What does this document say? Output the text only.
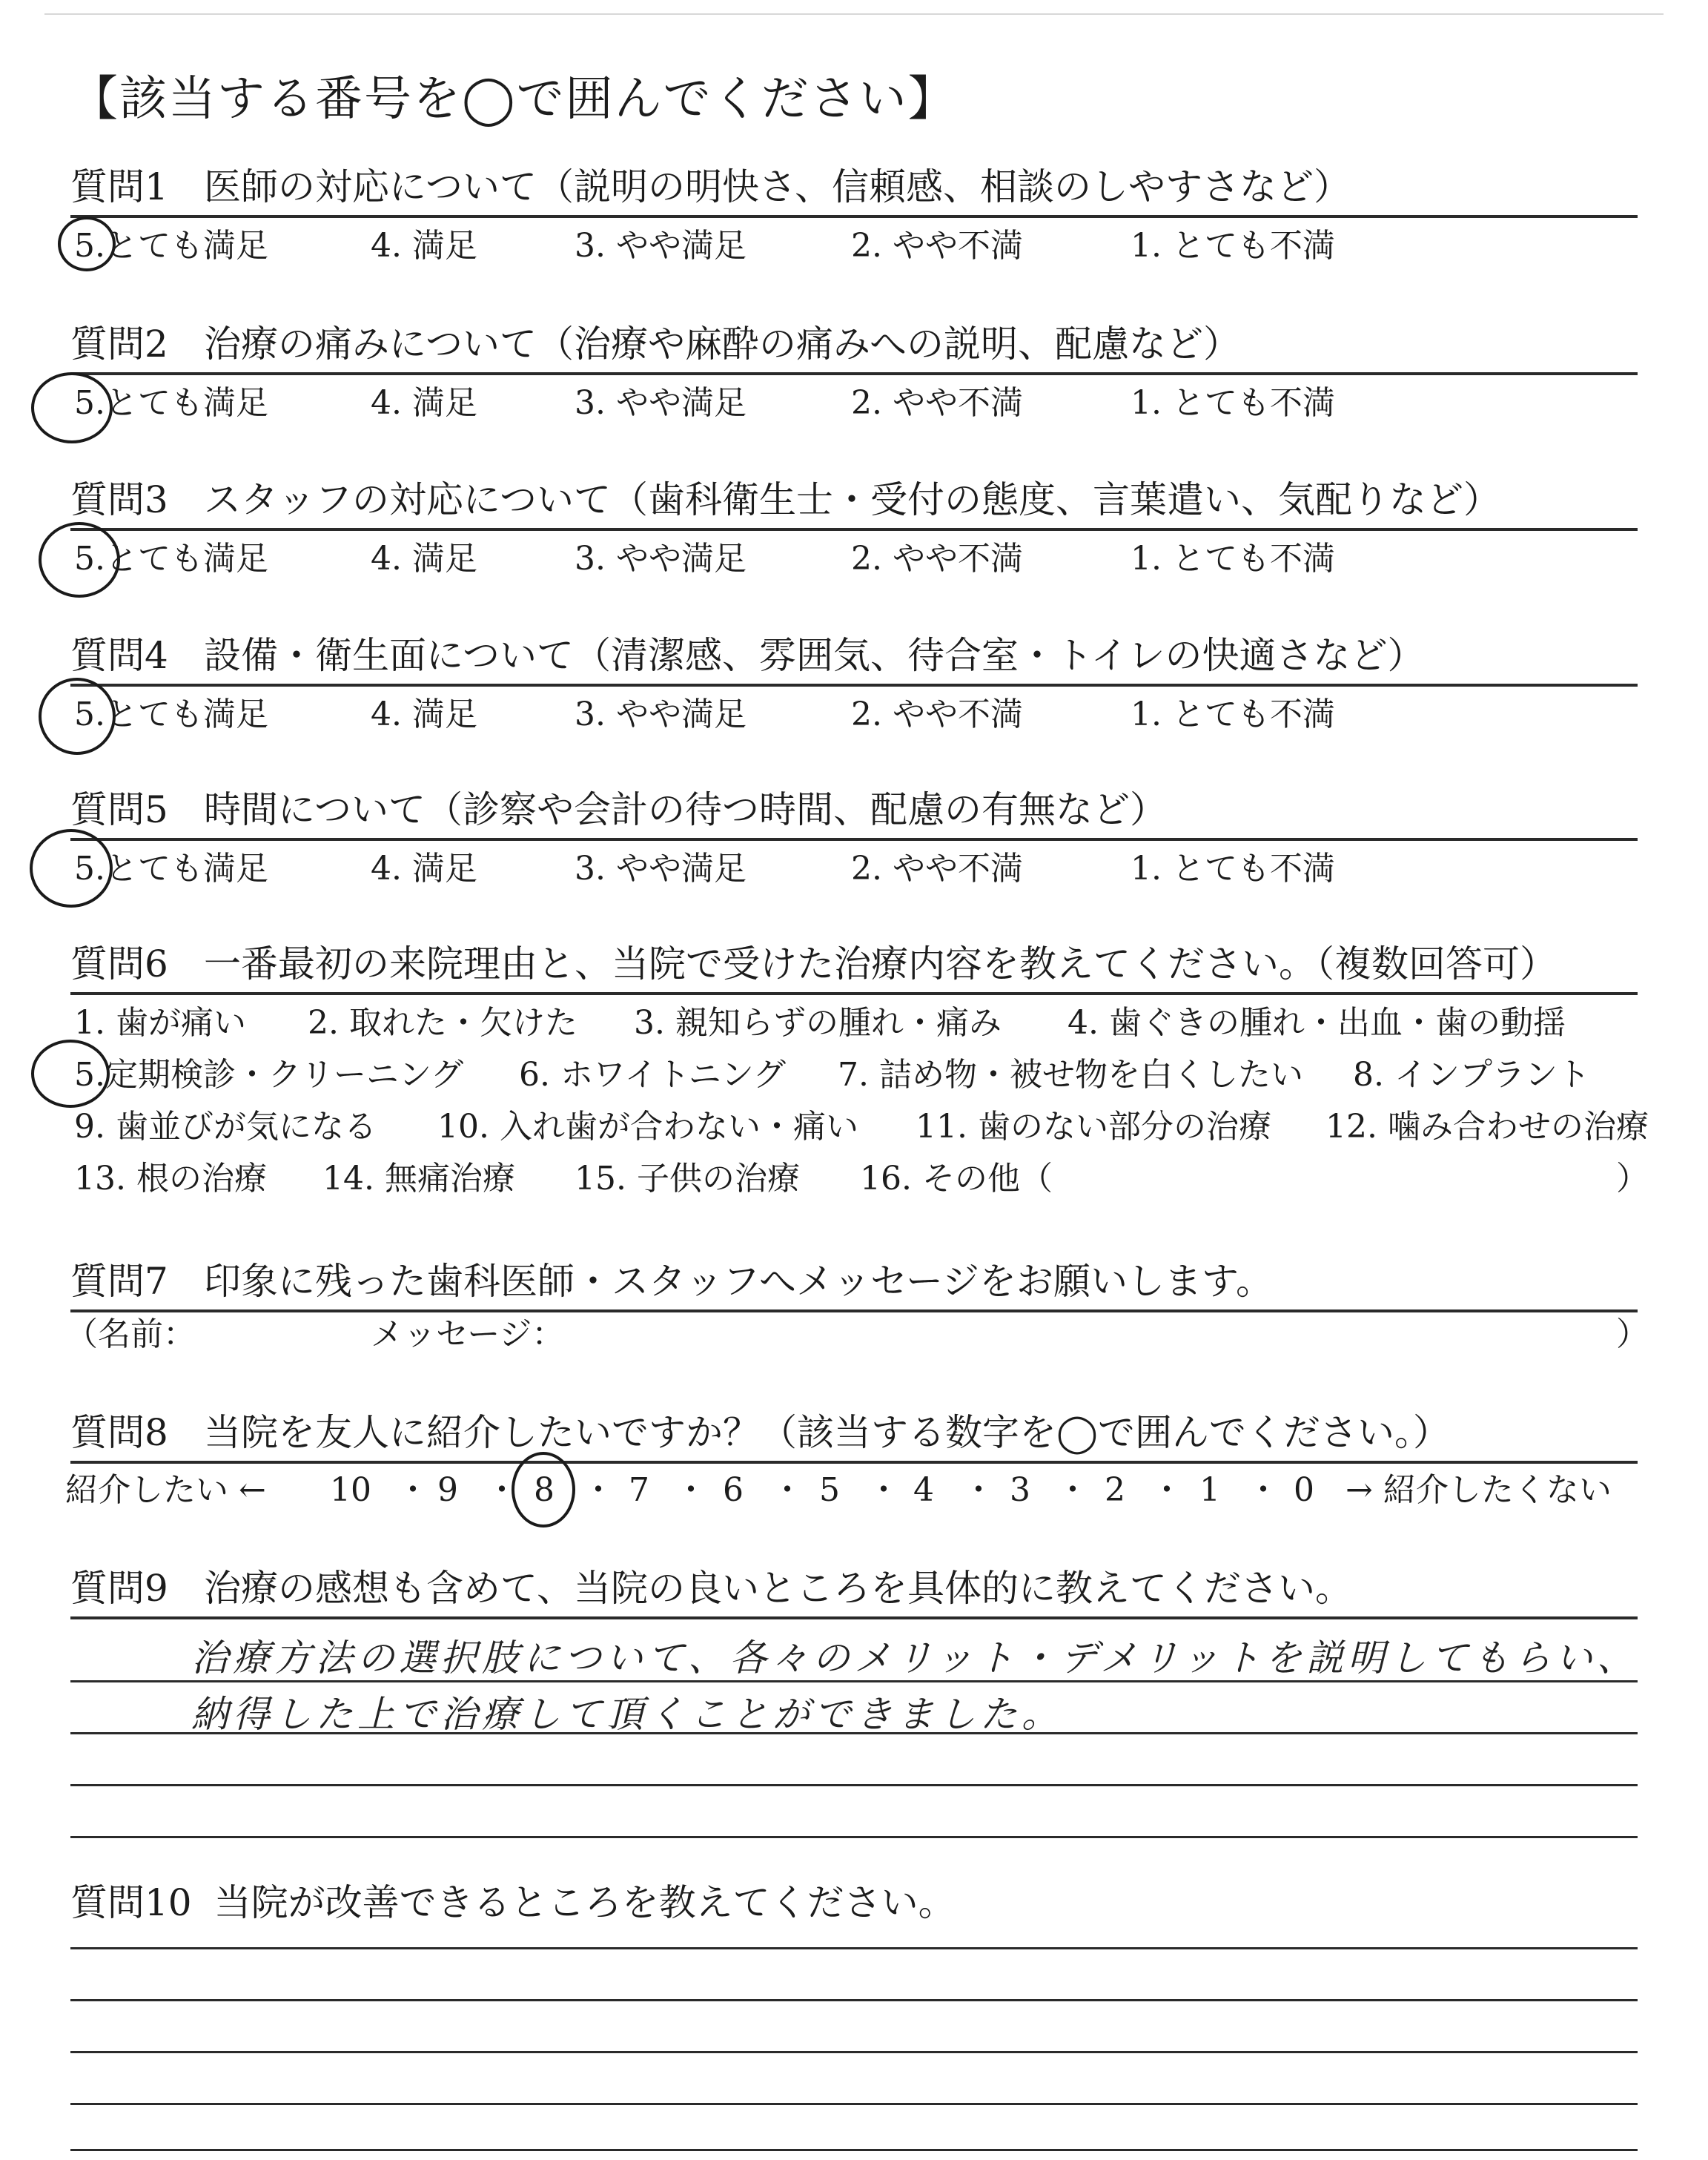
【該当する番号を◯で囲んでください】
質問1 医師の対応について（説明の明快さ、信頼感、相談のしやすさなど）
5.とても満足	4. 満足	3. やや満足	2. やや不満	1. とても不満
質問2 治療の痛みについて（治療や麻酔の痛みへの説明、配慮など）
5.とても満足	4. 満足	3. やや満足	2. やや不満	1. とても不満
質問3 スタッフの対応について（歯科衛生士・受付の態度、言葉遣い、気配りなど）
5.とても満足	4. 満足	3. やや満足	2. やや不満	1. とても不満
質問4 設備・衛生面について（清潔感、雰囲気、待合室・トイレの快適さなど）
5.とても満足	4. 満足	3. やや満足	2. やや不満	1. とても不満
質問5 時間について（診察や会計の待つ時間、配慮の有無など）
5.とても満足	4. 満足	3. やや満足	2. やや不満	1. とても不満
質問6 一番最初の来院理由と、当院で受けた治療内容を教えてください。（複数回答可）
1. 歯が痛い 2. 取れた・欠けた 3. 親知らずの腫れ・痛み 4. 歯ぐきの腫れ・出血・歯の動揺
5.定期検診・クリーニング 6. ホワイトニング 7. 詰め物・被せ物を白くしたい 8. インプラント
9. 歯並びが気になる 10. 入れ歯が合わない・痛い 11. 歯のない部分の治療 12. 噛み合わせの治療
13. 根の治療 14. 無痛治療 15. 子供の治療 16. その他（	）
質問7 印象に残った歯科医師・スタッフへメッセージをお願いします。
（名前：	メッセージ：	）
質問8 当院を友人に紹介したいですか？（該当する数字を◯で囲んでください。）
紹介したい ← 10 ・ 9 ・ 8 ・ 7 ・ 6 ・ 5 ・ 4 ・ 3 ・ 2 ・ 1 ・ 0 → 紹介したくない
質問9 治療の感想も含めて、当院の良いところを具体的に教えてください。
治療方法の選択肢について、各々のメリット・デメリットを説明してもらい、
納得した上で治療して頂くことができました。
質問10 当院が改善できるところを教えてください。
